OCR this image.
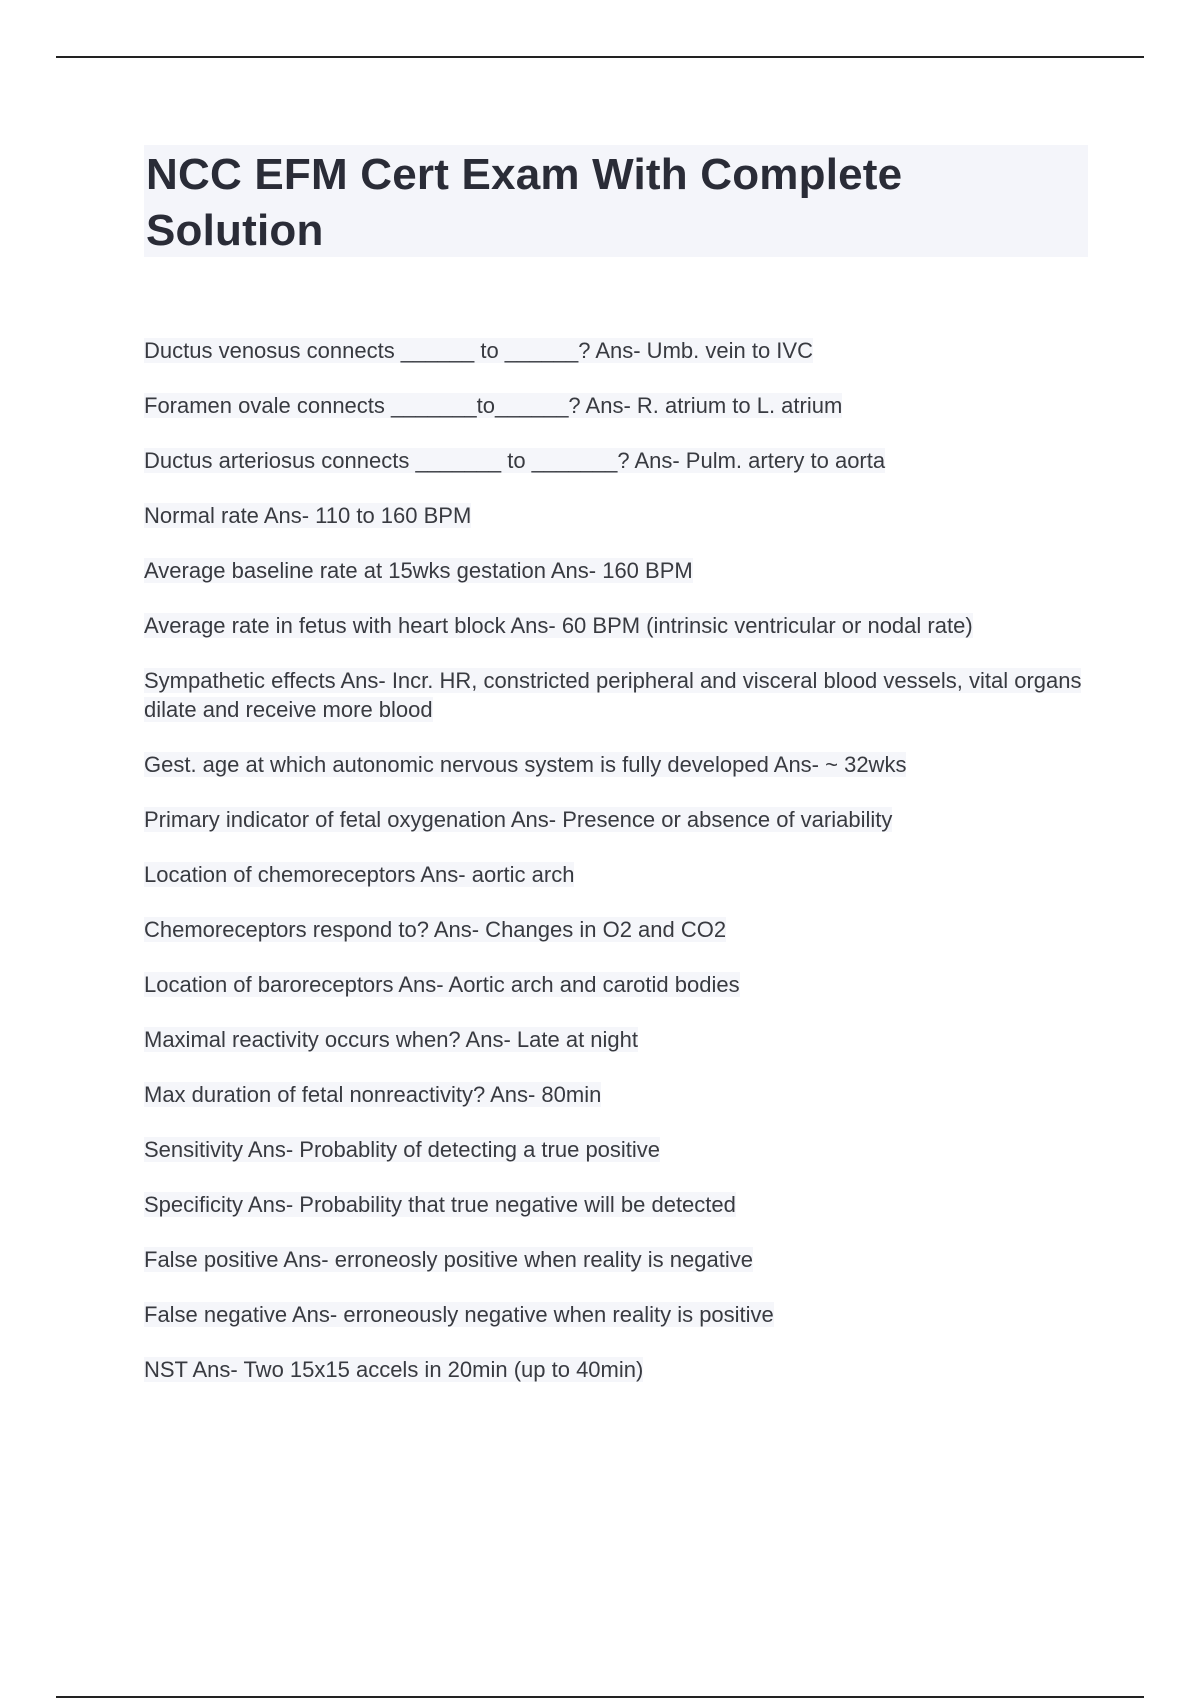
NCC EFM Cert Exam With Complete Solution
Ductus venosus connects ______ to ______? Ans- Umb. vein to IVC
Foramen ovale connects _______to______? Ans- R. atrium to L. atrium
Ductus arteriosus connects _______ to _______? Ans- Pulm. artery to aorta
Normal rate Ans- 110 to 160 BPM
Average baseline rate at 15wks gestation Ans- 160 BPM
Average rate in fetus with heart block Ans- 60 BPM (intrinsic ventricular or nodal rate)
Sympathetic effects Ans- Incr. HR, constricted peripheral and visceral blood vessels, vital organs dilate and receive more blood
Gest. age at which autonomic nervous system is fully developed Ans- ~ 32wks
Primary indicator of fetal oxygenation Ans- Presence or absence of variability
Location of chemoreceptors Ans- aortic arch
Chemoreceptors respond to? Ans- Changes in O2 and CO2
Location of baroreceptors Ans- Aortic arch and carotid bodies
Maximal reactivity occurs when? Ans- Late at night
Max duration of fetal nonreactivity? Ans- 80min
Sensitivity Ans- Probablity of detecting a true positive
Specificity Ans- Probability that true negative will be detected
False positive Ans- erroneosly positive when reality is negative
False negative Ans- erroneously negative when reality is positive
NST Ans- Two 15x15 accels in 20min (up to 40min)
